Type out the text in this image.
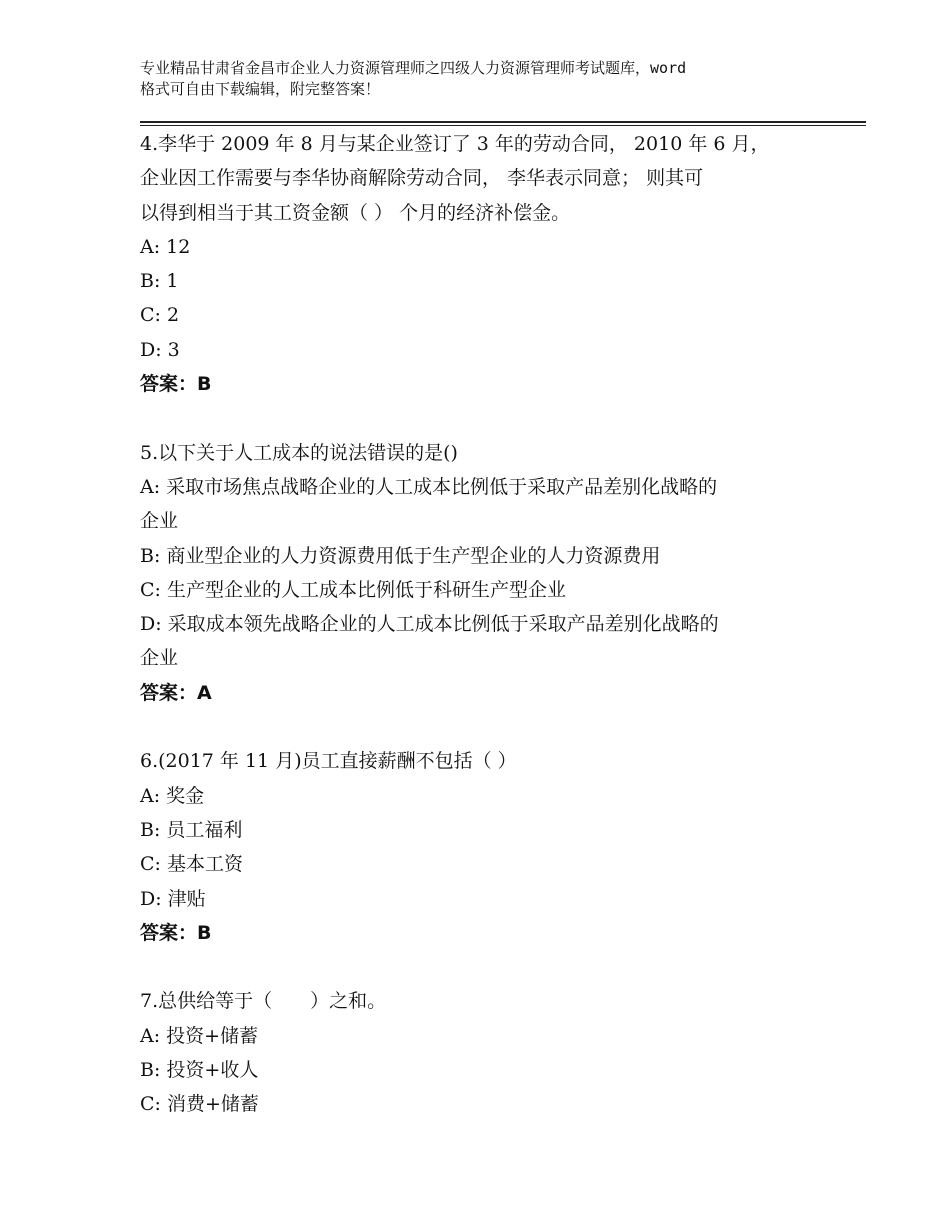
专业精品甘肃省金昌市企业人力资源管理师之四级人力资源管理师考试题库，word

格式可自由下载编辑，附完整答案！

4.李华于 2009 年 8 月与某企业签订了 3 年的劳动合同， 2010 年 6 月，

企业因工作需要与李华协商解除劳动合同， 李华表示同意； 则其可

以得到相当于其工资金额（ ） 个月的经济补偿金。

A: 12

B: 1

C: 2

D: 3

答案：B

5.以下关于人工成本的说法错误的是()

A: 采取市场焦点战略企业的人工成本比例低于采取产品差别化战略的

企业

B: 商业型企业的人力资源费用低于生产型企业的人力资源费用

C: 生产型企业的人工成本比例低于科研生产型企业

D: 采取成本领先战略企业的人工成本比例低于采取产品差别化战略的

企业

答案：A

6.(2017 年 11 月)员工直接薪酬不包括（ ）

A: 奖金

B: 员工福利

C: 基本工资

D: 津贴

答案：B

7.总供给等于（　　）之和。

A: 投资+储蓄

B: 投资+收人

C: 消费+储蓄
